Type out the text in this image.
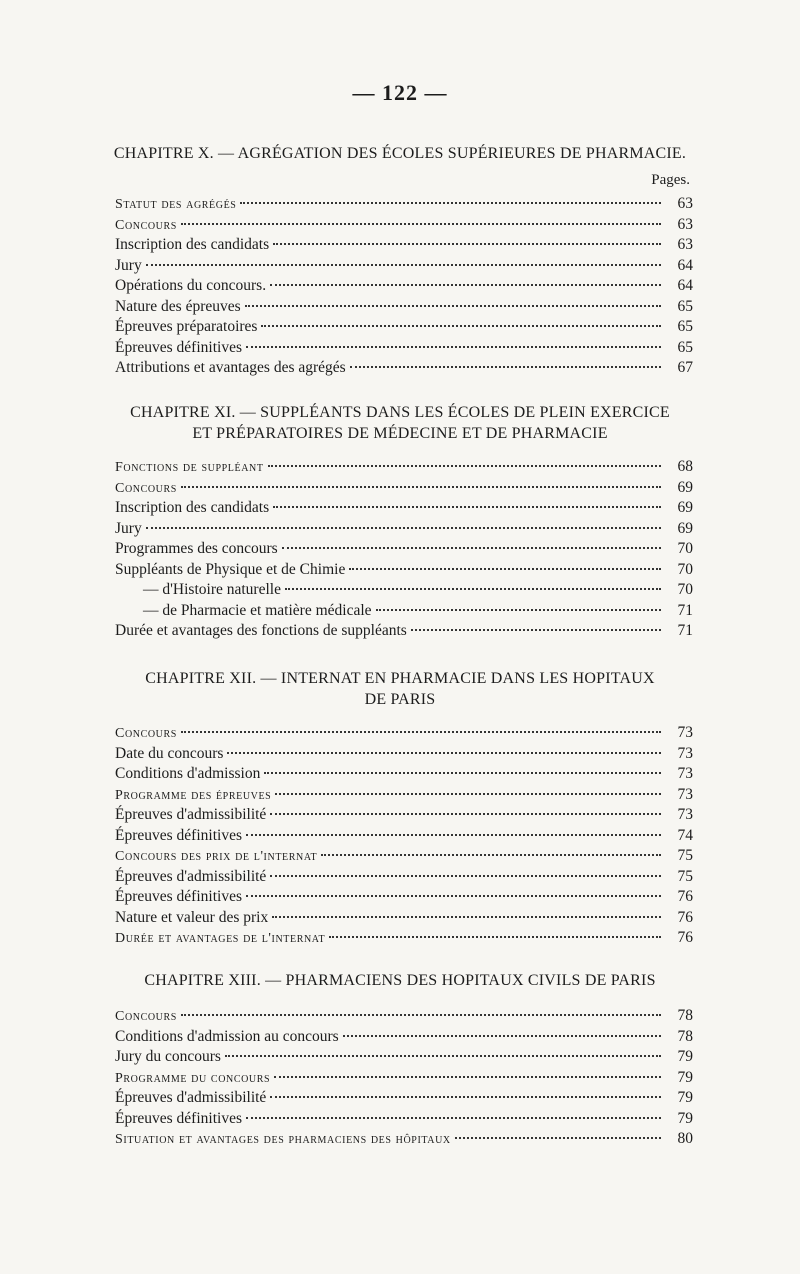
— 122 —
CHAPITRE X. — AGRÉGATION DES ÉCOLES SUPÉRIEURES DE PHARMACIE.
Pages.
Statut des agrégés	63
Concours	63
Inscription des candidats	63
Jury	64
Opérations du concours.	64
Nature des épreuves	65
Épreuves préparatoires	65
Épreuves définitives	65
Attributions et avantages des agrégés	67
CHAPITRE XI. — SUPPLÉANTS DANS LES ÉCOLES DE PLEIN EXERCICE
ET PRÉPARATOIRES DE MÉDECINE ET DE PHARMACIE
Fonctions de suppléant	68
Concours	69
Inscription des candidats	69
Jury	69
Programmes des concours	70
Suppléants de Physique et de Chimie	70
— d'Histoire naturelle	70
— de Pharmacie et matière médicale	71
Durée et avantages des fonctions de suppléants	71
CHAPITRE XII. — INTERNAT EN PHARMACIE DANS LES HOPITAUX
DE PARIS
Concours	73
Date du concours	73
Conditions d'admission	73
Programme des épreuves	73
Épreuves d'admissibilité	73
Épreuves définitives	74
Concours des prix de l'internat	75
Épreuves d'admissibilité	75
Épreuves définitives	76
Nature et valeur des prix	76
Durée et avantages de l'internat	76
CHAPITRE XIII. — PHARMACIENS DES HOPITAUX CIVILS DE PARIS
Concours	78
Conditions d'admission au concours	78
Jury du concours	79
Programme du concours	79
Épreuves d'admissibilité	79
Épreuves définitives	79
Situation et avantages des pharmaciens des hôpitaux	80
